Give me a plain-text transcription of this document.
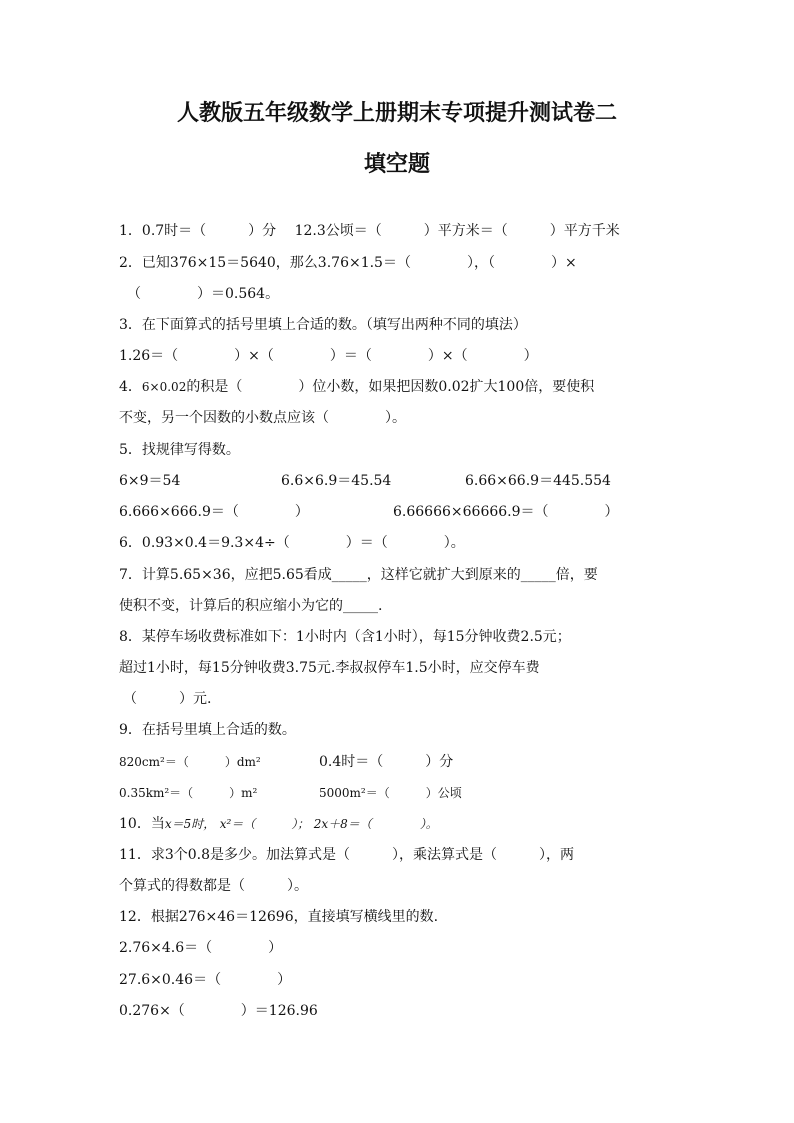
人教版五年级数学上册期末专项提升测试卷二
填空题
1．0.7时＝（　　　）分　 12.3公顷＝（　　　）平方米＝（　　　）平方千米
2．已知376×15＝5640，那么3.76×1.5＝（　　　　），（　　　　）×
（　　　　）＝0.564。
3．在下面算式的括号里填上合适的数。（填写出两种不同的填法）
1.26＝（　　　　）×（　　　　）＝（　　　　）×（　　　　）
4．6×0.02的积是（　　　　）位小数，如果把因数0.02扩大100倍，要使积
不变，另一个因数的小数点应该（　　　　）。
5．找规律写得数。
6×9＝54	6.6×6.9＝45.54	6.66×66.9＝445.554
6.666×666.9＝（　　　　）	6.66666×66666.9＝（　　　　）
6．0.93×0.4＝9.3×4÷（　　　　）＝（　　　　）。
7．计算5.65×36，应把5.65看成_____，这样它就扩大到原来的_____倍，要
使积不变，计算后的积应缩小为它的_____.
8．某停车场收费标准如下：1小时内（含1小时），每15分钟收费2.5元；
超过1小时，每15分钟收费3.75元.李叔叔停车1.5小时，应交停车费
（　　　）元.
9．在括号里填上合适的数。
820cm²＝（　　　）dm²	0.4时＝（　　　）分
0.35km²＝（　　　）m²	5000m²＝（　　　）公顷
10．当x＝5时， x²＝（　　　）； 2x＋8＝（　　　　）。
11．求3个0.8是多少。加法算式是（　　　），乘法算式是（　　　），两
个算式的得数都是（　　　）。
12．根据276×46＝12696，直接填写横线里的数.
2.76×4.6＝（　　　　）
27.6×0.46＝（　　　　）
0.276×（　　　　）＝126.96
